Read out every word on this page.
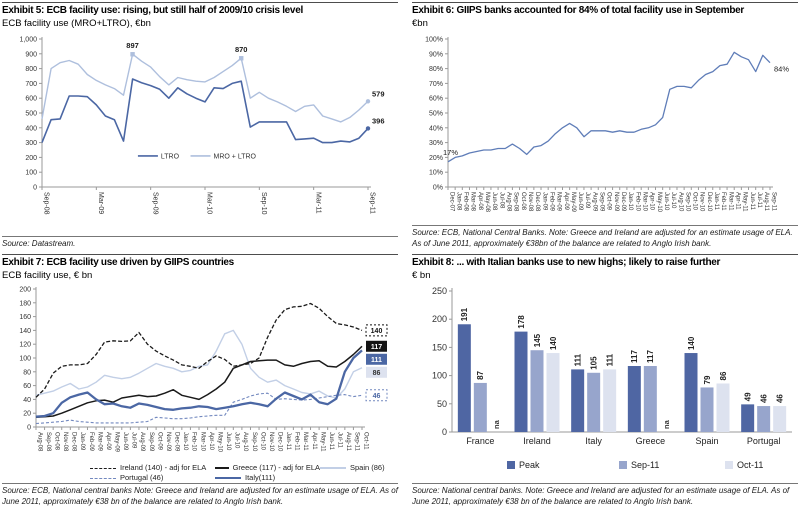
Exhibit 5: ECB facility use: rising, but still half of 2009/10 crisis level
ECB facility use (MRO+LTRO), €bn
0
100
200
300
400
500
600
700
800
900
1,000
Sep-08	Mar-09	Sep-09	Mar-10	Sep-10	Mar-11	Sep-11
LTRO	MRO + LTRO
897	870
579
396
Source: Datastream.
Exhibit 6: GIIPS banks accounted for 84% of total facility use in September
€bn
0%
10%
20%
30%
40%
50%
60%
70%
80%
90%
100%
Dec-07 Jan-08 Feb-08 Mar-08 Apr-08 May-08 Jun-08 Jul-08 Aug-08 Sep-08 Oct-08 Nov-08 Dec-08 Jan-09 Feb-09 Mar-09 Apr-09 May-09 Jun-09 Jul-09 Aug-09 Sep-09 Oct-09 Nov-09 Dec-09 Jan-10 Feb-10 Mar-10 Apr-10 May-10 Jun-10 Jul-10 Aug-10 Sep-10 Oct-10 Nov-10 Dec-10 Jan-11 Feb-11 Mar-11 Apr-11 May-11 Jun-11 Jul-11 Aug-11 Sep-11
17%
84%
Source: ECB, National Central Banks. Note: Greece and Ireland are adjusted for an estimate usage of ELA. As of June 2011, approximately €38bn of the balance are related to Anglo Irish bank.
Exhibit 7: ECB facility use driven by GIIPS countries
ECB facility use, € bn
0
20
40
60
80
100
120
140
160
180
200
Aug-08 Sep-08 Oct-08 Nov-08 Dec-08 Jan-09 Feb-09 Mar-09 Apr-09 May-09 Jun-09 Jul-09 Aug-09 Sep-09 Oct-09 Nov-09 Dec-09 Jan-10 Feb-10 Mar-10 Apr-10 May-10 Jun-10 Jul-10 Aug-10 Sep-10 Oct-10 Nov-10 Dec-10 Jan-11 Feb-11 Mar-11 Apr-11 May-11 Jun-11 Jul-11 Aug-11 Sep-11 Oct-11
140
117
111
86
46
Ireland (140) - adj for ELA	Greece (117) - adj for ELA	Spain (86)
Portugal (46)	Italy(111)
Source: ECB, National central banks Note: Greece and Ireland are adjusted for an estimate usage of ELA. As of June 2011, approximately €38 bn of the balance are related to Anglo Irish bank.
Exhibit 8: ... with Italian banks use to new highs; likely to raise further
€ bn
0
50
100
150
200
250
France	Ireland	Italy	Greece	Spain	Portugal
191
87
na
178
145 140
111 105 111 117 117
na
140
79 86
49 46 46
Peak	Sep-11	Oct-11
Source: National central banks. Note: Greece and Ireland are adjusted for an estimate usage of ELA. As of June 2011, approximately €38 bn of the balance are related to Anglo Irish bank.
